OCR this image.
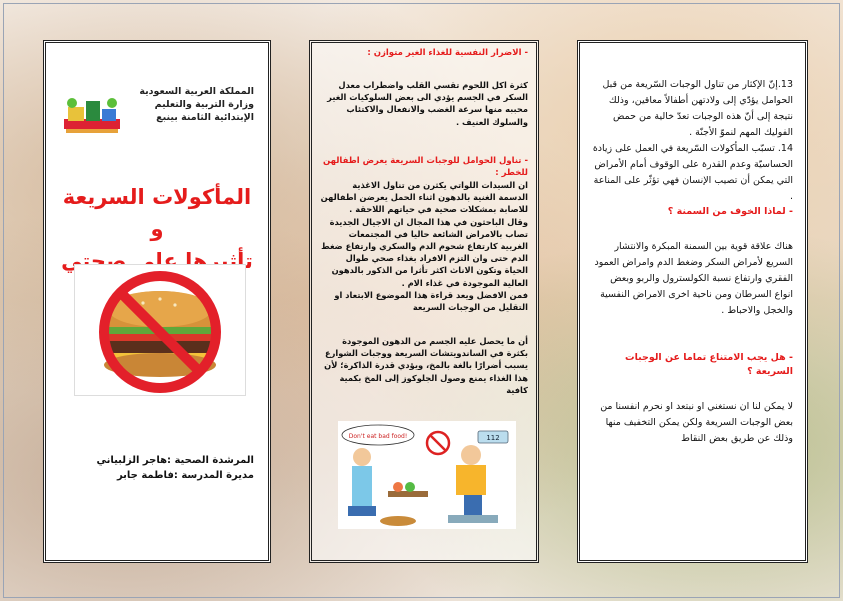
المملكة العربية السعودية
وزارة التربية والتعليم
الإبتدائية الثامنة بينبع
المأكولات السريعة و
تأثيرها على صحتي
المرشدة الصحية :هاجر الزلبياني
مديرة المدرسة :فاطمة جابر
- الاضرار النفسية للغذاء الغير متوازن :
كثرة اكل اللحوم تقسي القلب واضطراب معدل السكر في الجسم يؤدي الى بعض السلوكيات الغير محببه منها سرعة الغضب والانفعال والاكتئاب والسلوك العنيف .
- تناول الحوامل للوجبات السريعة يعرض اطفالهن للخطر :
ان السيدات اللواتي يكثرن من تناول الاغذية الدسمة الغنية بالدهون اثناء الحمل يعرضن اطفالهن للاصابة بمشكلات صحية في حياتهم اللاحقة .
وقال الباحثون في هذا المجال ان الاجيال الجديدة تصاب بالامراض الشائعة حاليا في المجتمعات الغربية كارتفاع شحوم الدم والسكري وارتفاع ضغط الدم حتى وان التزم الافراد بغذاء صحي طوال الحياة وتكون الاناث اكثر تأثرا من الذكور بالدهون العالية الموجودة في غذاء الام .
فمن الافضل ويعد قراءة هذا الموضوع الابتعاد او التقليل من الوجبات السريعة
أن ما يحصل عليه الجسم من الدهون الموجودة بكثرة في الساندويتشات السريعة ووجبات الشوارع يسبب أضرارًا بالغة بالمخ، ويؤدي قدرة الذاكرة؛ لأن هذا الغذاء يمنع وصول الجلوكوز إلى المخ بكمية كافية
Don't eat bad food!	112
13.إنّ الإكثار من تناول الوجبات السّريعة من قبل الحوامل يؤدّي إلى ولادتهن أطفالاً معاقين، وذلك نتيجة إلى أنّ هذه الوجبات تعدّ خالية من حمض الفوليك المهم لنموّ الأجنّة .
14. تسبّب المأكولات السّريعة في العمل على زيادة الحساسيّة وعدم القدرة على الوقوف أمام الأمراض التي يمكن أن تصيب الإنسان فهي تؤثّر على المناعة .
- لماذا الخوف من السمنة ؟
هناك علاقة قوية بين السمنة المبكرة والانتشار السريع لأمراض السكر وضغط الدم وامراض العمود الفقري وارتفاع نسبة الكولسترول والربو وبعض انواع السرطان ومن ناحية اخرى الامراض النفسية والخجل والاحباط .
- هل يجب الامتناع تماما عن الوجبات السريعة ؟
لا يمكن لنا ان نستغني او نبتعد او نحرم انفسنا من بعض الوجبات السريعة ولكن يمكن التخفيف منها وذلك عن طريق بعض النقاط
